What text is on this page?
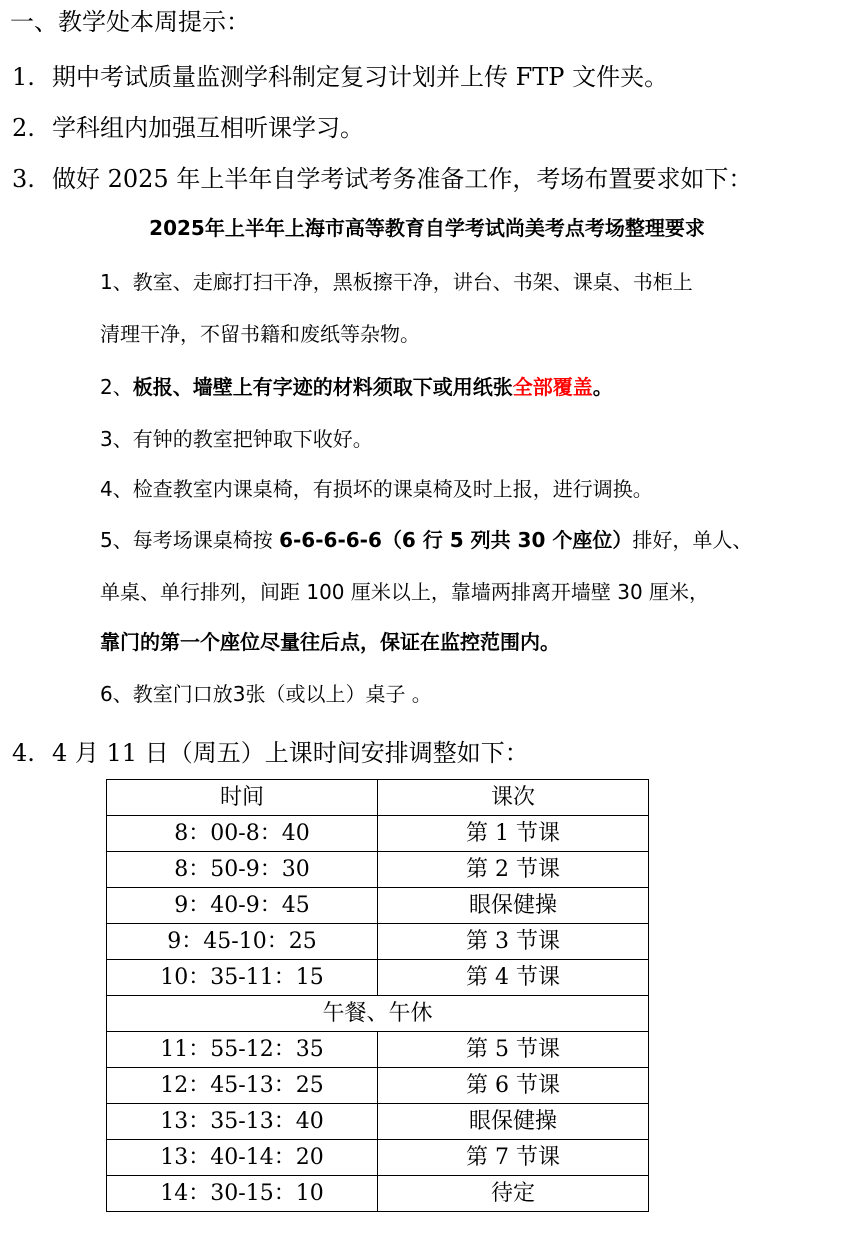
一、教学处本周提示：
1. 期中考试质量监测学科制定复习计划并上传 FTP 文件夹。
2. 学科组内加强互相听课学习。
3. 做好 2025 年上半年自学考试考务准备工作，考场布置要求如下：
2025年上半年上海市高等教育自学考试尚美考点考场整理要求
1、教室、走廊打扫干净，黑板擦干净，讲台、书架、课桌、书柜上
清理干净，不留书籍和废纸等杂物。
2、板报、墙壁上有字迹的材料须取下或用纸张全部覆盖。
3、有钟的教室把钟取下收好。
4、检查教室内课桌椅，有损坏的课桌椅及时上报，进行调换。
5、每考场课桌椅按 6-6-6-6-6（6 行 5 列共 30 个座位）排好，单人、
单桌、单行排列，间距 100 厘米以上，靠墙两排离开墙壁 30 厘米，
靠门的第一个座位尽量往后点，保证在监控范围内。
6、教室门口放3张（或以上）桌子 。
4. 4 月 11 日（周五）上课时间安排调整如下：
时间	课次
8：00-8：40	第 1 节课
8：50-9：30	第 2 节课
9：40-9：45	眼保健操
9：45-10：25	第 3 节课
10：35-11：15	第 4 节课
午餐、午休	
11：55-12：35	第 5 节课
12：45-13：25	第 6 节课
13：35-13：40	眼保健操
13：40-14：20	第 7 节课
14：30-15：10	待定
